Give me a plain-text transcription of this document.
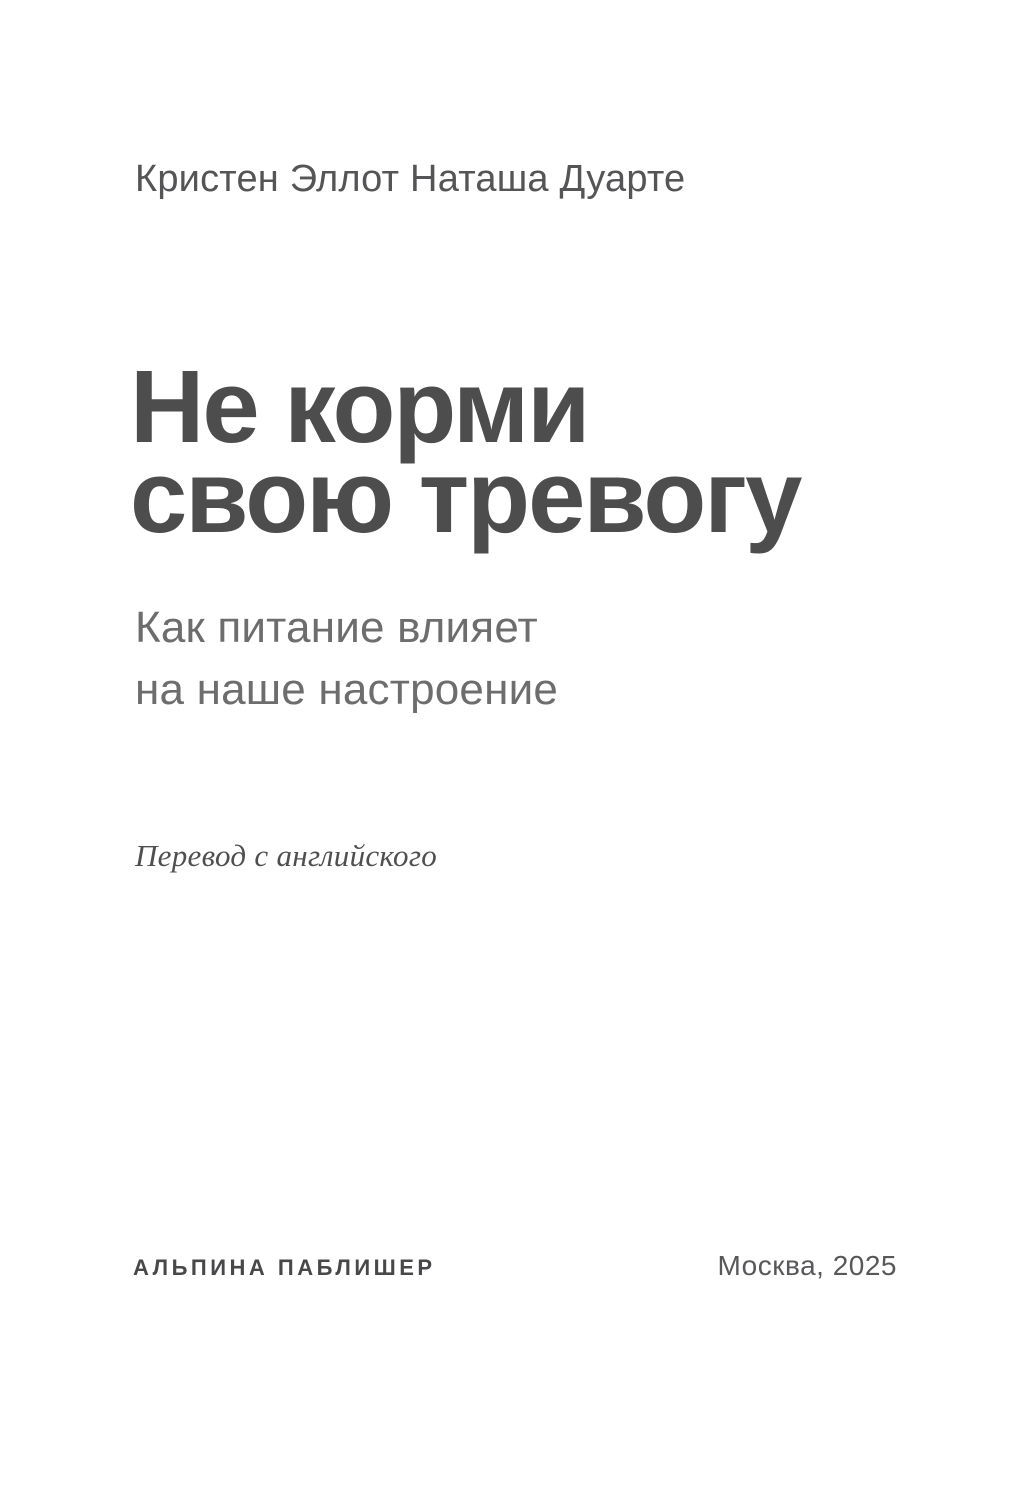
Кристен Эллот Наташа Дуарте
Не корми
свою тревогу
Как питание влияет
на наше настроение
Перевод с английского
АЛЬПИНА ПАБЛИШЕР	Москва, 2025
